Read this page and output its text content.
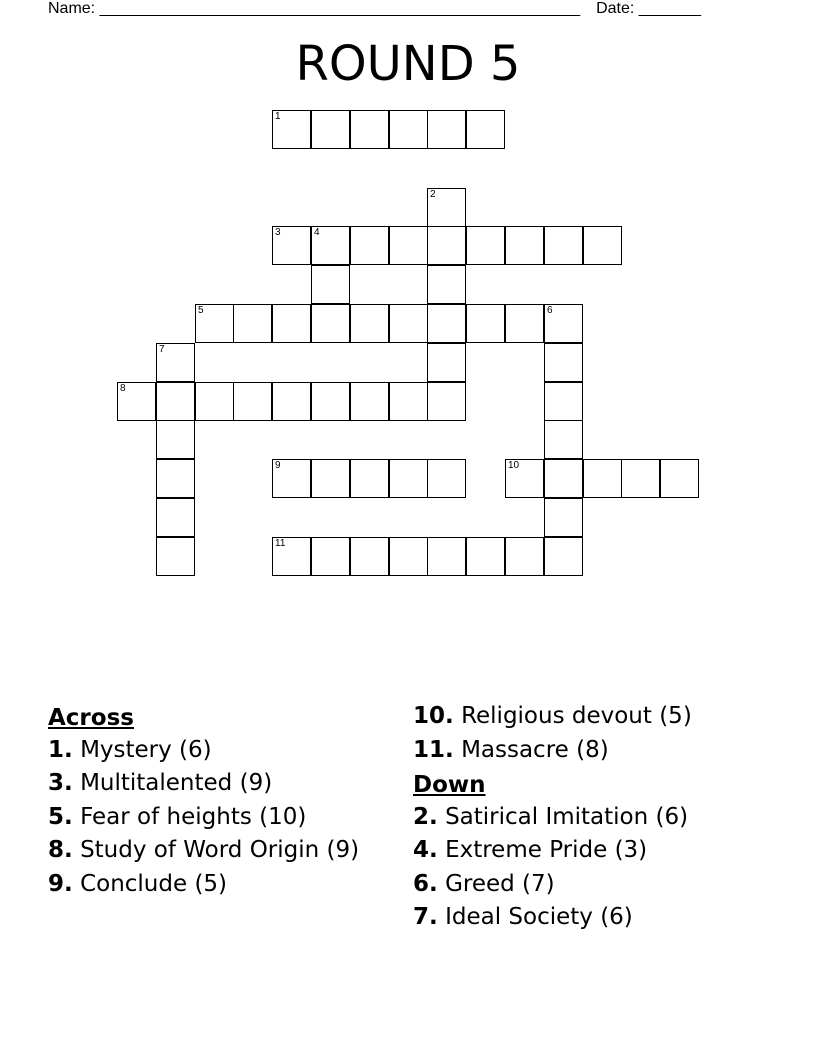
Name: ______________________________________________________ Date: _______
ROUND 5
1
2
3	4
5	6
7
8
9	10
11
Across
1. Mystery (6)
3. Multitalented (9)
5. Fear of heights (10)
8. Study of Word Origin (9)
9. Conclude (5)
10. Religious devout (5)
11. Massacre (8)
Down
2. Satirical Imitation (6)
4. Extreme Pride (3)
6. Greed (7)
7. Ideal Society (6)
